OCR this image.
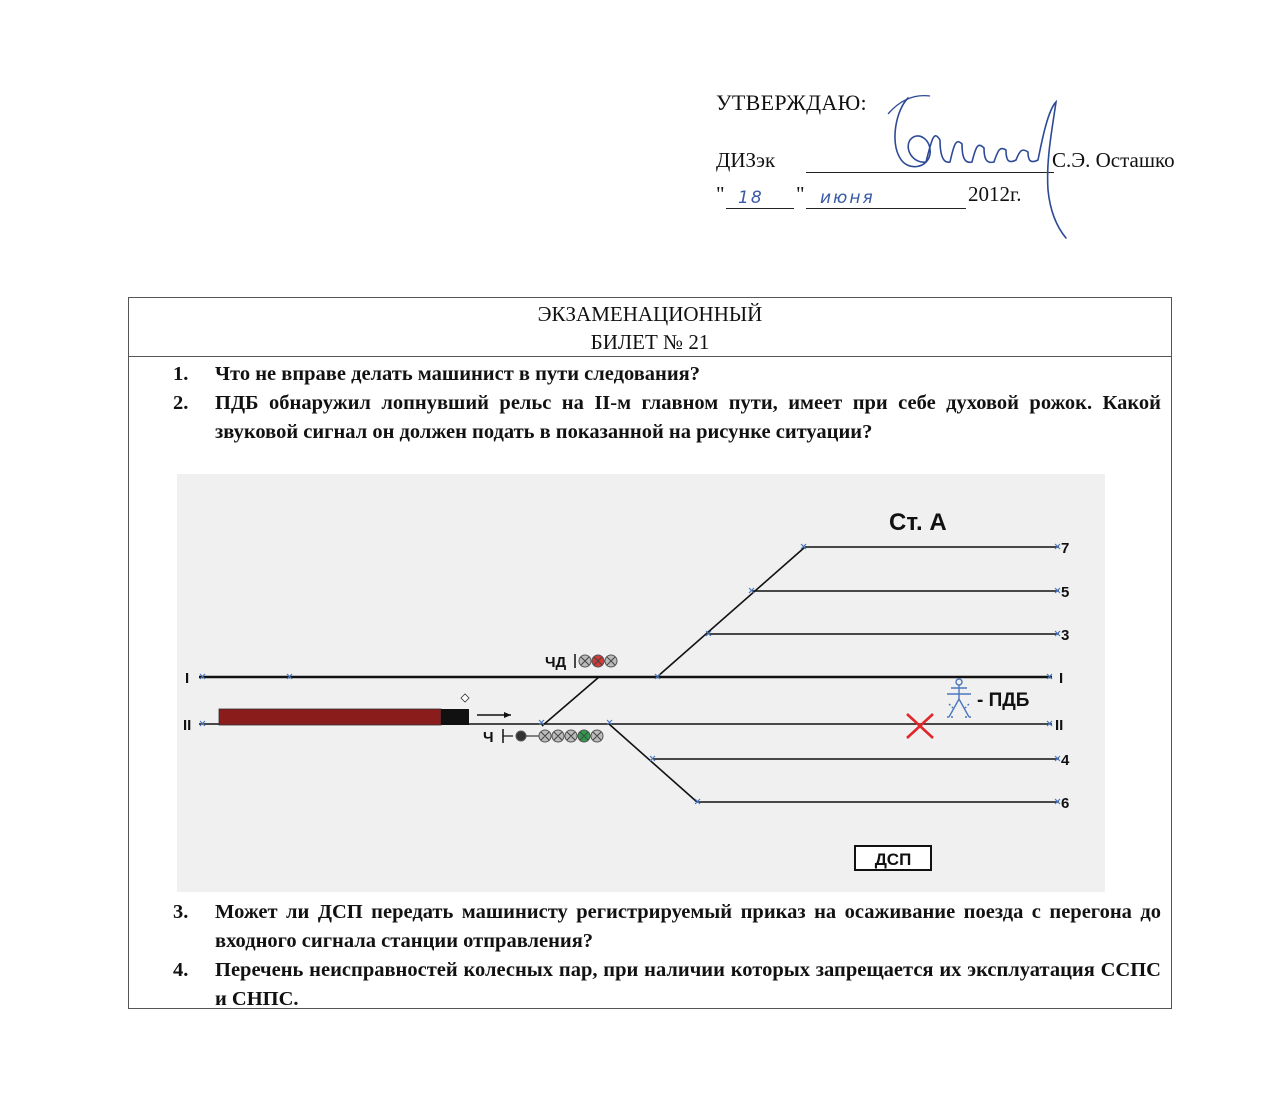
УТВЕРЖДАЮ:
ДИЗэк	С.Э. Осташко
" 18 " июня	2012г.
ЭКЗАМЕНАЦИОННЫЙ
БИЛЕТ № 21
1. Что не вправе делать машинист в пути следования?
2. ПДБ обнаружил лопнувший рельс на II-м главном пути, имеет при себе духовой рожок. Какой звуковой сигнал он должен подать в показанной на рисунке ситуации?
ЧД
Ч
- ПДБ
Ст. А
I
II
7
5
3
I
II
4
6
ДСП
3. Может ли ДСП передать машинисту регистрируемый приказ на осаживание поезда с перегона до входного сигнала станции отправления?
4. Перечень неисправностей колесных пар, при наличии которых запрещается их эксплуатация ССПС и СНПС.
